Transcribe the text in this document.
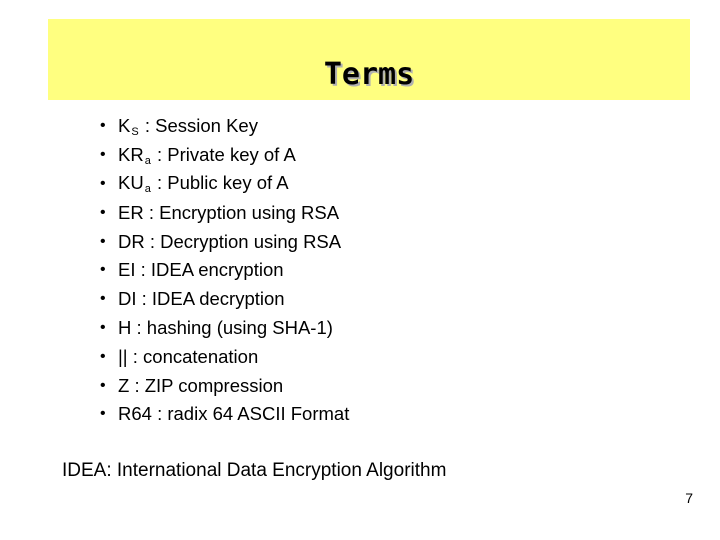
Terms
• $K_S$ : Session Key
• $KR_a$ : Private key of A
• $KU_a$ : Public key of A
• ER : Encryption using RSA
• DR : Decryption using RSA
• EI : IDEA encryption
• DI : IDEA decryption
• H : hashing (using SHA-1)
• || : concatenation
• Z : ZIP compression
• R64 : radix 64 ASCII Format
IDEA: International Data Encryption Algorithm
7
